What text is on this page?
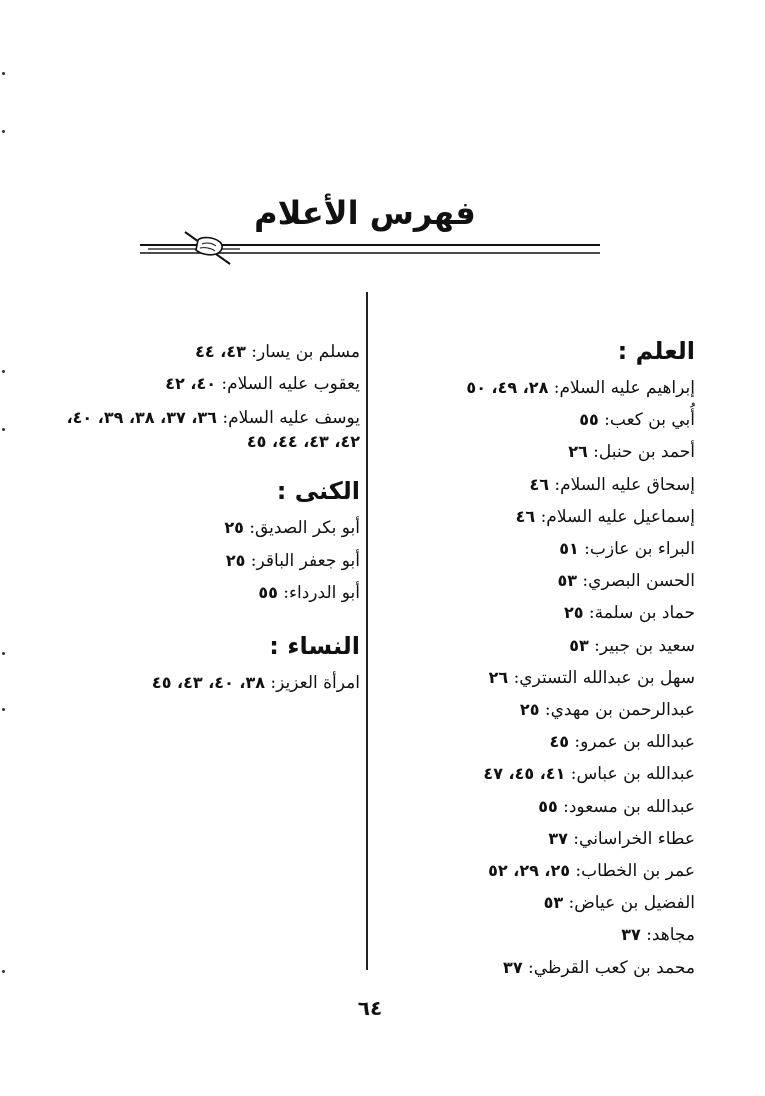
فهرس الأعلام
العلم :
إبراهيم عليه السلام: ٢٨، ٤٩، ٥٠
أُبي بن كعب: ٥٥
أحمد بن حنبل: ٢٦
إسحاق عليه السلام: ٤٦
إسماعيل عليه السلام: ٤٦
البراء بن عازب: ٥١
الحسن البصري: ٥٣
حماد بن سلمة: ٢٥
سعيد بن جبير: ٥٣
سهل بن عبدالله التستري: ٢٦
عبدالرحمن بن مهدي: ٢٥
عبدالله بن عمرو: ٤٥
عبدالله بن عباس: ٤١، ٤٥، ٤٧
عبدالله بن مسعود: ٥٥
عطاء الخراساني: ٣٧
عمر بن الخطاب: ٢٥، ٢٩، ٥٢
الفضيل بن عياض: ٥٣
مجاهد: ٣٧
محمد بن كعب القرظي: ٣٧
مسلم بن يسار: ٤٣، ٤٤
يعقوب عليه السلام: ٤٠، ٤٢
يوسف عليه السلام: ٣٦، ٣٧، ٣٨، ٣٩، ٤٠، ٤٢، ٤٣، ٤٤، ٤٥
الكنى :
أبو بكر الصديق: ٢٥
أبو جعفر الباقر: ٢٥
أبو الدرداء: ٥٥
النساء :
امرأة العزيز: ٣٨، ٤٠، ٤٣، ٤٥
٦٤
